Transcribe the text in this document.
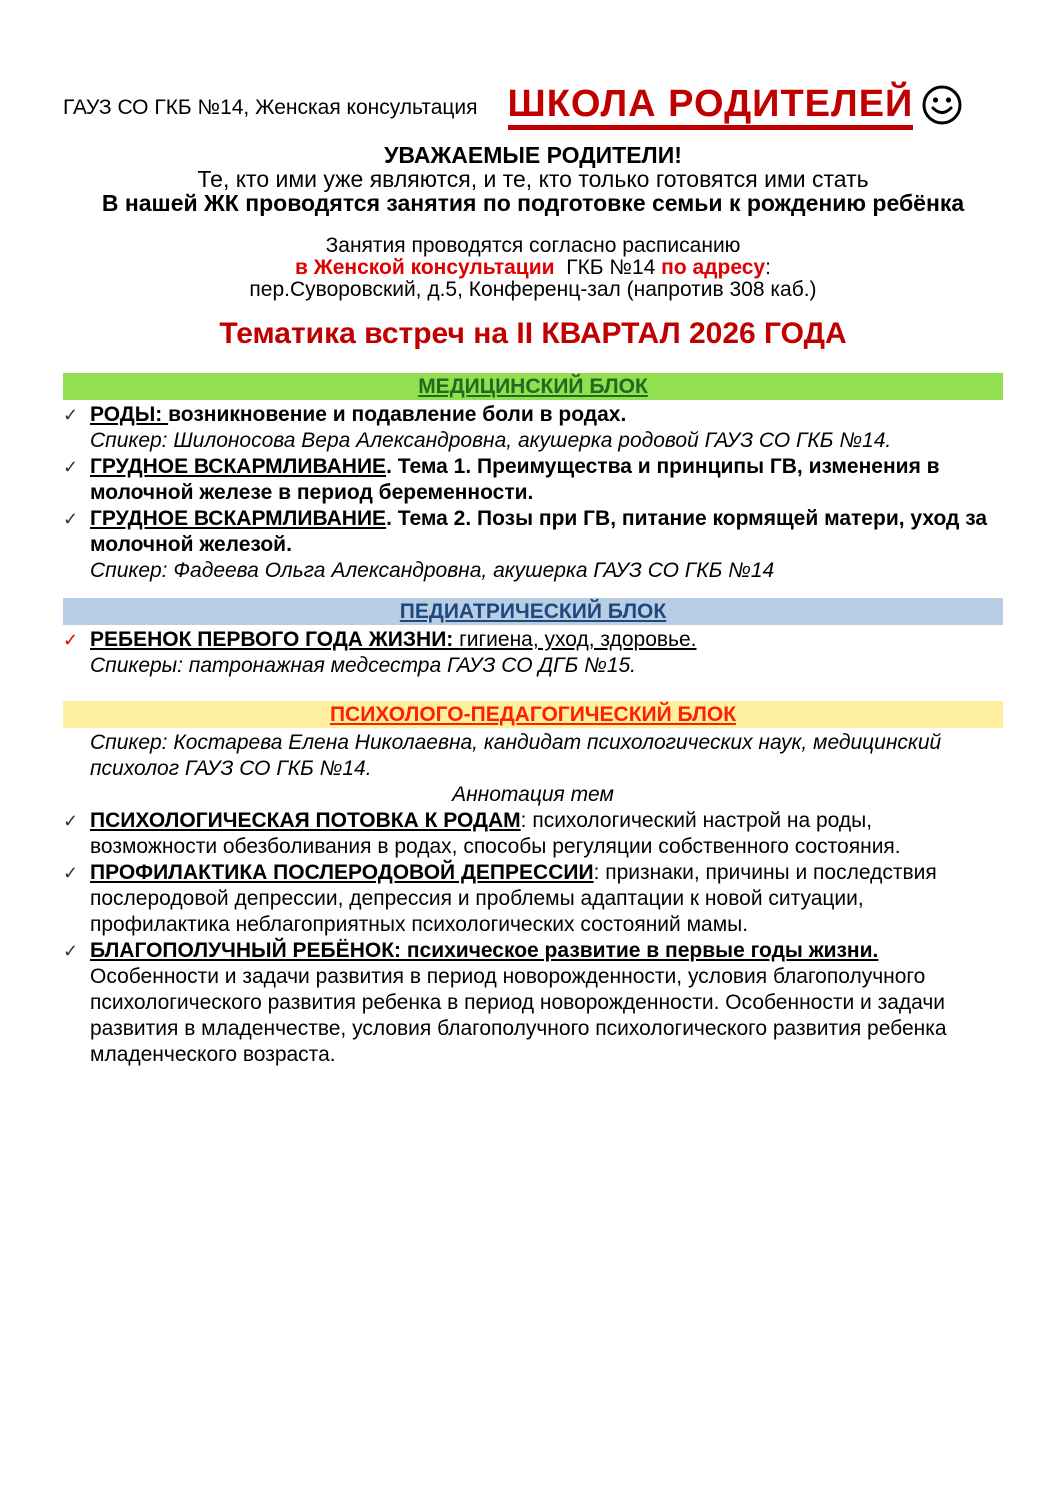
ГАУЗ СО ГКБ №14, Женская консультация ШКОЛА РОДИТЕЛЕЙ
УВАЖАЕМЫЕ РОДИТЕЛИ!
Те, кто ими уже являются, и те, кто только готовятся ими стать
В нашей ЖК проводятся занятия по подготовке семьи к рождению ребёнка
Занятия проводятся согласно расписанию
в Женской консультации  ГКБ №14 по адресу:
пер.Суворовский, д.5, Конференц-зал (напротив 308 каб.)
Тематика встреч на II КВАРТАЛ 2026 ГОДА
МЕДИЦИНСКИЙ БЛОК
✓ РОДЫ: возникновение и подавление боли в родах.
Спикер: Шилоносова Вера Александровна, акушерка родовой ГАУЗ СО ГКБ №14.
✓ ГРУДНОЕ ВСКАРМЛИВАНИЕ. Тема 1. Преимущества и принципы ГВ, изменения в молочной железе в период беременности.
✓ ГРУДНОЕ ВСКАРМЛИВАНИЕ. Тема 2. Позы при ГВ, питание кормящей матери, уход за молочной железой.
Спикер: Фадеева Ольга Александровна, акушерка ГАУЗ СО ГКБ №14
ПЕДИАТРИЧЕСКИЙ БЛОК
✓ РЕБЕНОК ПЕРВОГО ГОДА ЖИЗНИ: гигиена, уход, здоровье.
Спикеры: патронажная медсестра ГАУЗ СО ДГБ №15.
ПСИХОЛОГО-ПЕДАГОГИЧЕСКИЙ БЛОК
Спикер: Костарева Елена Николаевна, кандидат психологических наук, медицинский психолог ГАУЗ СО ГКБ №14.
Аннотация тем
✓ ПСИХОЛОГИЧЕСКАЯ ПОТОВКА К РОДАМ: психологический настрой на роды, возможности обезболивания в родах, способы регуляции собственного состояния.
✓ ПРОФИЛАКТИКА ПОСЛЕРОДОВОЙ ДЕПРЕССИИ: признаки, причины и последствия послеродовой депрессии, депрессия и проблемы адаптации к новой ситуации, профилактика неблагоприятных психологических состояний мамы.
✓ БЛАГОПОЛУЧНЫЙ РЕБЁНОК: психическое развитие в первые годы жизни.
Особенности и задачи развития в период новорожденности, условия благополучного психологического развития ребенка в период новорожденности. Особенности и задачи развития в младенчестве, условия благополучного психологического развития ребенка младенческого возраста.
